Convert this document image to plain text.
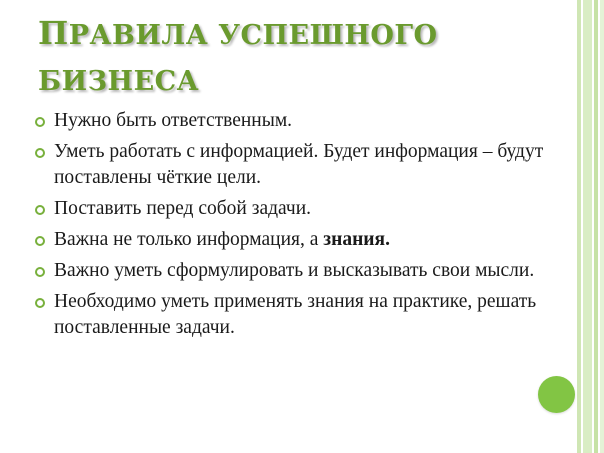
ПРАВИЛА УСПЕШНОГО
БИЗНЕСА
Нужно быть ответственным.
Уметь работать с информацией. Будет информация – будут поставлены чёткие цели.
Поставить перед собой задачи.
Важна не только информация, а знания.
Важно уметь сформулировать и высказывать свои мысли.
Необходимо уметь применять знания на практике, решать поставленные задачи.
